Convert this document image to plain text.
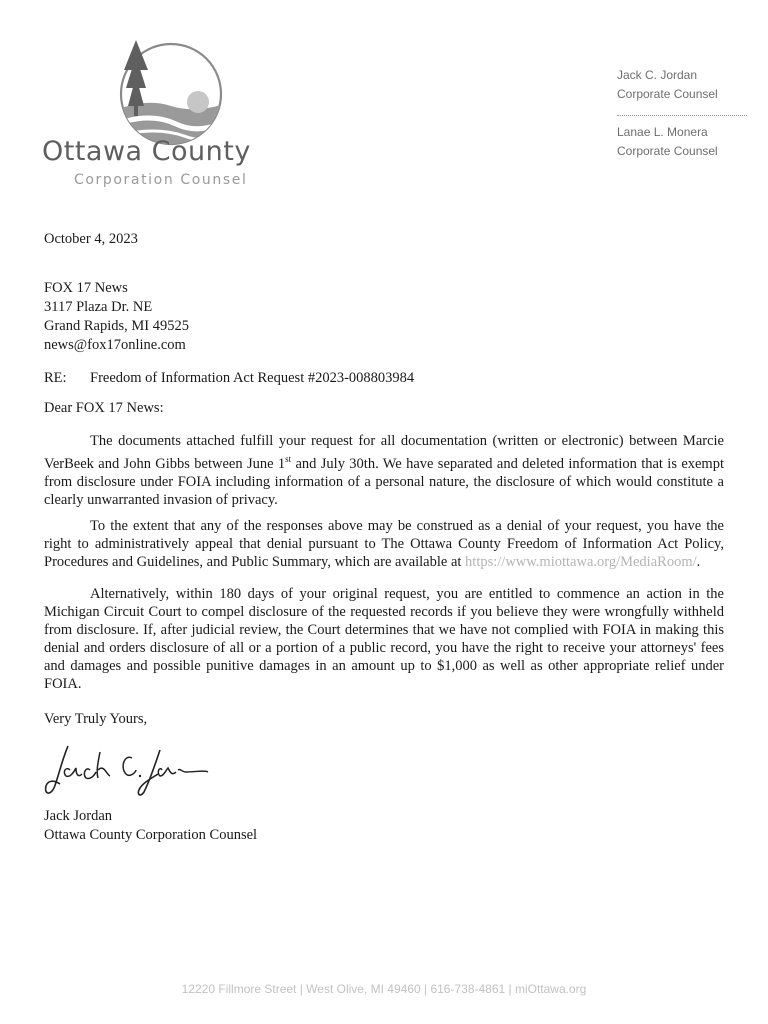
Ottawa County
Corporation Counsel
Jack C. Jordan
Corporate Counsel
Lanae L. Monera
Corporate Counsel
October 4, 2023
FOX 17 News
3117 Plaza Dr. NE
Grand Rapids, MI 49525
news@fox17online.com
RE: Freedom of Information Act Request #2023-008803984
Dear FOX 17 News:

The documents attached fulfill your request for all documentation (written or electronic) between Marcie VerBeek and John Gibbs between June 1st and July 30th. We have separated and deleted information that is exempt from disclosure under FOIA including information of a personal nature, the disclosure of which would constitute a clearly unwarranted invasion of privacy.

To the extent that any of the responses above may be construed as a denial of your request, you have the right to administratively appeal that denial pursuant to The Ottawa County Freedom of Information Act Policy, Procedures and Guidelines, and Public Summary, which are available at https://www.miottawa.org/MediaRoom/.

Alternatively, within 180 days of your original request, you are entitled to commence an action in the Michigan Circuit Court to compel disclosure of the requested records if you believe they were wrongfully withheld from disclosure. If, after judicial review, the Court determines that we have not complied with FOIA in making this denial and orders disclosure of all or a portion of a public record, you have the right to receive your attorneys' fees and damages and possible punitive damages in an amount up to $1,000 as well as other appropriate relief under FOIA.

Very Truly Yours,
Jack Jordan
Ottawa County Corporation Counsel
12220 Fillmore Street | West Olive, MI 49460 | 616-738-4861 | miOttawa.org
